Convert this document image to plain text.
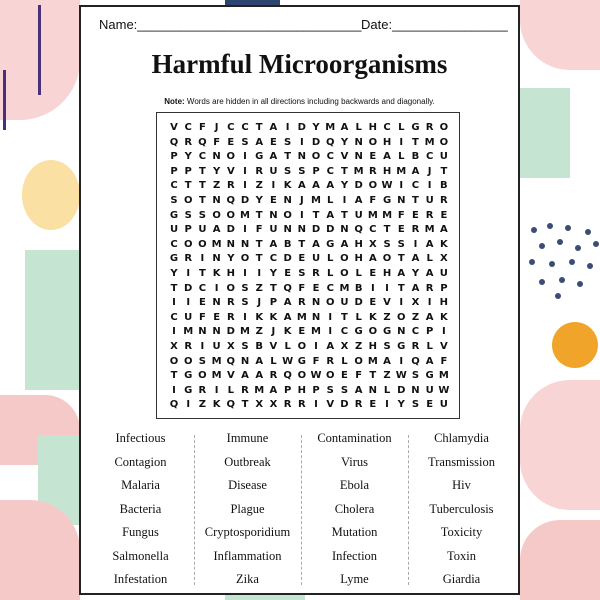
Name:_______________________________ Date:________________
Harmful Microorganisms
Note: Words are hidden in all directions including backwards and diagonally.
V C F J C C T A I D Y M A L H C L G R O
Q R Q F E S A E S I D Q Y N O H I T M O
P Y C N O I G A T N O C V N E A L B C U
P P T Y V I R U S S P C T M R H M A J T
C T T Z R I Z I K A A A Y D O W I C I B
S O T N Q D Y E N J M L I A F G N T U R
G S S O O M T N O I T A T U M M F E R E
U P U A D I F U N N D D N Q C T E R M A
C O O M N N T A B T A G A H X S S I A K
G R I N Y O T C D E U L O H A O T A L X
Y I T K H I	I Y E S R L O L E H A Y A U
T D C I O S Z T Q F E C M B I	I T A R P
I	I E N R S J P A R N O U D E V I X I H
C U F E R I K K A M N I T L K Z O Z A K
I M N N D M Z J K E M I C G O G N C P I
X R I U X S B V L O I A X Z H S G R L V
O O S M Q N A L W G F R L O M A I Q A F
T G O M V A A R Q O W O E F T Z W S G M
I G R I L R M A P H P S S A N L D N U W
Q I Z K Q T X X R R I V D R E I Y S E U
Infectious
Contagion
Malaria
Bacteria
Fungus
Salmonella
Infestation
Immune
Outbreak
Disease
Plague
Cryptosporidium
Inflammation
Zika
Contamination
Virus
Ebola
Cholera
Mutation
Infection
Lyme
Chlamydia
Transmission
Hiv
Tuberculosis
Toxicity
Toxin
Giardia
